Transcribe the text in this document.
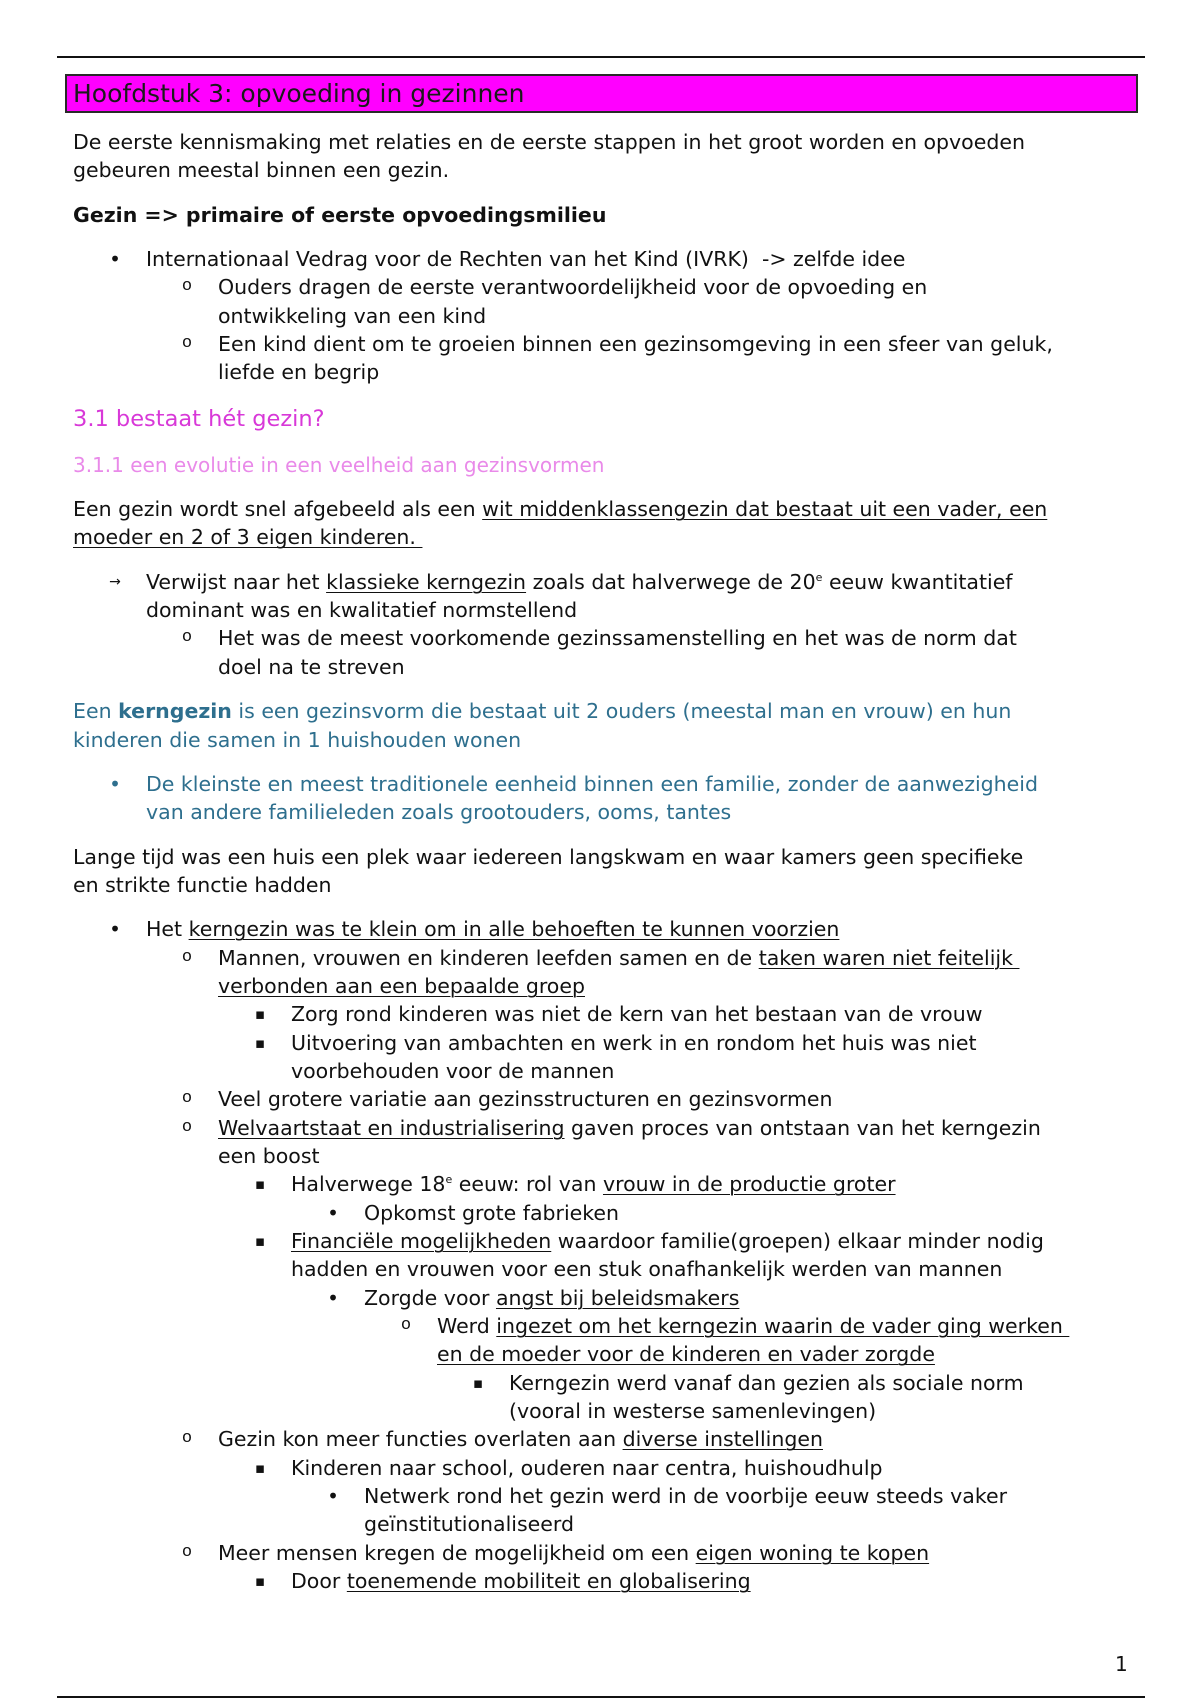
Hoofdstuk 3: opvoeding in gezinnen
De eerste kennismaking met relaties en de eerste stappen in het groot worden en opvoeden
gebeuren meestal binnen een gezin.
Gezin => primaire of eerste opvoedingsmilieu
• Internationaal Vedrag voor de Rechten van het Kind (IVRK)  -> zelfde idee
o	Ouders dragen de eerste verantwoordelijkheid voor de opvoeding en
ontwikkeling van een kind
o	Een kind dient om te groeien binnen een gezinsomgeving in een sfeer van geluk,
liefde en begrip
3.1 bestaat hét gezin?
3.1.1 een evolutie in een veelheid aan gezinsvormen
Een gezin wordt snel afgebeeld als een wit middenklassengezin dat bestaat uit een vader, een
moeder en 2 of 3 eigen kinderen.
→ Verwijst naar het klassieke kerngezin zoals dat halverwege de 20e eeuw kwantitatief
dominant was en kwalitatief normstellend
o	Het was de meest voorkomende gezinssamenstelling en het was de norm dat
doel na te streven
Een kerngezin is een gezinsvorm die bestaat uit 2 ouders (meestal man en vrouw) en hun
kinderen die samen in 1 huishouden wonen
• De kleinste en meest traditionele eenheid binnen een familie, zonder de aanwezigheid
van andere familieleden zoals grootouders, ooms, tantes
Lange tijd was een huis een plek waar iedereen langskwam en waar kamers geen specifieke
en strikte functie hadden
• Het kerngezin was te klein om in alle behoeften te kunnen voorzien
o	Mannen, vrouwen en kinderen leefden samen en de taken waren niet feitelijk
verbonden aan een bepaalde groep
▪	Zorg rond kinderen was niet de kern van het bestaan van de vrouw
▪	Uitvoering van ambachten en werk in en rondom het huis was niet
voorbehouden voor de mannen
o	Veel grotere variatie aan gezinsstructuren en gezinsvormen
o	Welvaartstaat en industrialisering gaven proces van ontstaan van het kerngezin
een boost
▪	Halverwege 18e eeuw: rol van vrouw in de productie groter
• Opkomst grote fabrieken
▪	Financiële mogelijkheden waardoor familie(groepen) elkaar minder nodig
hadden en vrouwen voor een stuk onafhankelijk werden van mannen
• Zorgde voor angst bij beleidsmakers
o	Werd ingezet om het kerngezin waarin de vader ging werken
en de moeder voor de kinderen en vader zorgde
▪	Kerngezin werd vanaf dan gezien als sociale norm
(vooral in westerse samenlevingen)
o	Gezin kon meer functies overlaten aan diverse instellingen
▪	Kinderen naar school, ouderen naar centra, huishoudhulp
• Netwerk rond het gezin werd in de voorbije eeuw steeds vaker
geïnstitutionaliseerd
o	Meer mensen kregen de mogelijkheid om een eigen woning te kopen
▪	Door toenemende mobiliteit en globalisering
1
